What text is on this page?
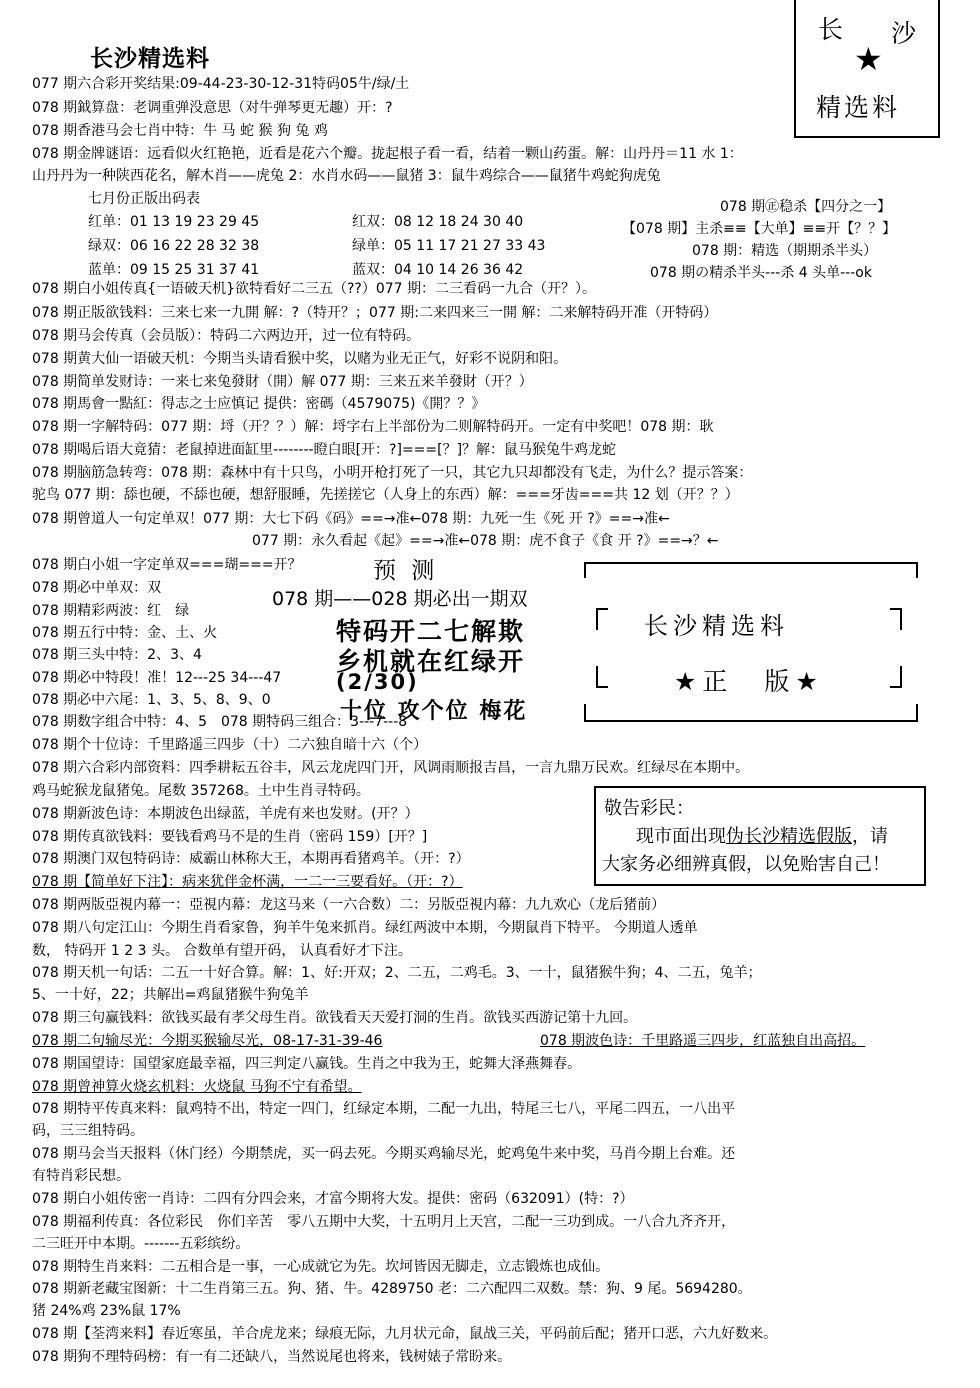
长沙精选料
长 沙
★
精选料
077 期六合彩开奖结果:09-44-23-30-12-31特码05牛/绿/土
078 期鉞算盘：老调重弹没意思（对牛弹琴更无趣）开：?
078 期香港马会七肖中特：牛 马 蛇 猴 狗 兔 鸡
078 期金牌谜语：远看似火红艳艳，近看是花六个瓣。拢起根子看一看，结着一颗山药蛋。解：山丹丹＝11 水 1：
山丹丹为一种陕西花名，解木肖——虎兔 2：水肖水码——鼠猪 3：鼠牛鸡综合——鼠猪牛鸡蛇狗虎兔
七月份正版出码表
红单：01 13 19 23 29 45
绿双：06 16 22 28 32 38
蓝单：09 15 25 31 37 41
红双：08 12 18 24 30 40
绿单：05 11 17 21 27 33 43
蓝双：04 10 14 26 36 42
078 期㊣稳杀【四分之一】
【078 期】主杀≡≡【大单】≡≡开【？？】
078 期：精选（期期杀半头）
078 期の精杀半头---杀 4 头单---ok
078 期白小姐传真{一语破天机}欲特看好二三五（??）077 期：二三看码一九合（开？）。
078 期正版欲钱料：三来七来一九開 解：?（特开？；077 期:二来四来三一開 解：二来解特码开准（开特码）
078 期马会传真（会员版）：特码二六两边开，过一位有特码。
078 期黄大仙一语破天机：今期当头请看猴中奖，以赌为业无正气，好彩不说阴和阳。
078 期简单发财诗：一来七来兔發財（開）解 077 期：三来五来羊發財（开？）
078 期馬會一點紅：得志之士应慎记 提供：密碼（4579075)《開？？》
078 期一字解特码：077 期：埒（开？？）解：埒字右上半部份为二则解特码开。一定有中奖吧！078 期：耿
078 期喝后语大竟猜：老鼠掉进面缸里--------瞪白眼[开：?]===[？]？解：鼠马猴兔牛鸡龙蛇
078 期脑筋急转弯：078 期：森林中有十只鸟，小明开枪打死了一只，其它九只却都没有飞走，为什么？提示答案：
驼鸟 077 期：舔也硬，不舔也硬，想舒服睡，先搓搓它（人身上的东西）解：===牙齿===共 12 划（开？？）
078 期曾道人一句定单双！077 期：大七下码《码》==→准←078 期：九死一生《死 开 ?》==→准←
077 期：永久看起《起》==→准←078 期：虎不食子《食 开 ?》==→？←
078 期白小姐一字定单双===瑚===开？
078 期必中单双：双
078 期精彩两波：红　绿
078 期五行中特：金、土、火
078 期三头中特：2、3、4
078 期必中特段！准！12---25 34---47
078 期必中六尾：1、3、5、8、9、0
078 期数字组合中特：4、5　078 期特码三组合：3---7---8
预 测
078 期——028 期必出一期双
特码开二七解欺
乡机就在红绿开
(2/30)
十位 攻个位 梅花
长沙精选料
★正　版★
078 期个十位诗：千里路遥三四步（十）二六独自暗十六（个）
078 期六合彩内部资料：四季耕耘五谷丰，风云龙虎四门开，风调雨顺报吉昌，一言九鼎万民欢。红绿尽在本期中。
鸡马蛇猴龙鼠猪兔。尾数 357268。土中生肖寻特码。
078 期新波色诗：本期波色出绿蓝，羊虎有来也发财。(开？）
078 期传真欲钱料：要钱看鸡马不是的生肖（密码 159）[开？]
078 期澳门双包特码诗：威霸山林称大王，本期再看猪鸡羊。（开：?）
078 期【简单好下注】：病来犹伴金杯满，一二一三要看好。（开：?）
敬告彩民：
现市面出现伪长沙精选假版，请
大家务必细辨真假，以免贻害自己！
078 期两版亞視内幕一：亞視内幕：龙这马来（一六合数）二：另版亞視内幕：九九欢心（龙后猪前）
078 期八句定江山：今期生肖看家鲁，狗羊牛兔来抓肖。绿红两波中本期，今期鼠肖下特平。 今期道人透单
数， 特码开 1 2 3 头。 合数单有望开码， 认真看好才下注。
078 期天机一句话：二五一十好合算。解：1、好:开双；2、二五，二鸡毛。3、一十，鼠猪猴牛狗；4、二五，兔羊；
5、一十好，22；共解出=鸡鼠猪猴牛狗兔羊
078 期三句赢钱料：欲钱买最有孝父母生肖。欲钱看天天爱打洞的生肖。欲钱买西游记第十九回。
078 期二句输尽光：今期买猴输尽光，08-17-31-39-46	078 期波色诗：千里路遥三四步，红蓝独自出高招。
078 期国望诗：国望家庭最幸福，四三判定八赢钱。生肖之中我为王，蛇舞大泽燕舞春。
078 期曾神算火烧玄机料：火烧鼠 马狗不宁有希望。
078 期特平传真来料：鼠鸡特不出，特定一四门，红绿定本期，二配一九出，特尾三七八，平尾二四五，一八出平
码，三三组特码。
078 期马会当天报料（休门经）今期禁虎，买一码去死。今期买鸡输尽光，蛇鸡兔牛来中奖，马肖今期上台难。还
有特肖彩民想。
078 期白小姐传密一肖诗：二四有分四会来，才富今期将大发。提供：密码（632091）(特：?）
078 期福利传真：各位彩民　你们辛苦　零八五期中大奖，十五明月上天宫，二配一三功到成。一八合九齐齐开，
二三旺开中本期。-------五彩缤纷。
078 期特生肖来料：二五相合是一事，一心成就它为先。坎坷皆因无脚走，立志锻炼也成仙。
078 期新老藏宝图新：十二生肖第三五。狗、猪、牛。4289750 老：二六配四二双数。禁：狗、9 尾。5694280。
猪 24%鸡 23%鼠 17%
078 期【荃湾来料】春近寒虽，羊合虎龙来；绿痕无际，九月状元命，鼠战三关，平码前后配；猪开口恶，六九好数来。
078 期狗不理特码榜：有一有二还缺八，当然说尾也将来，钱树婊子常盼来。
